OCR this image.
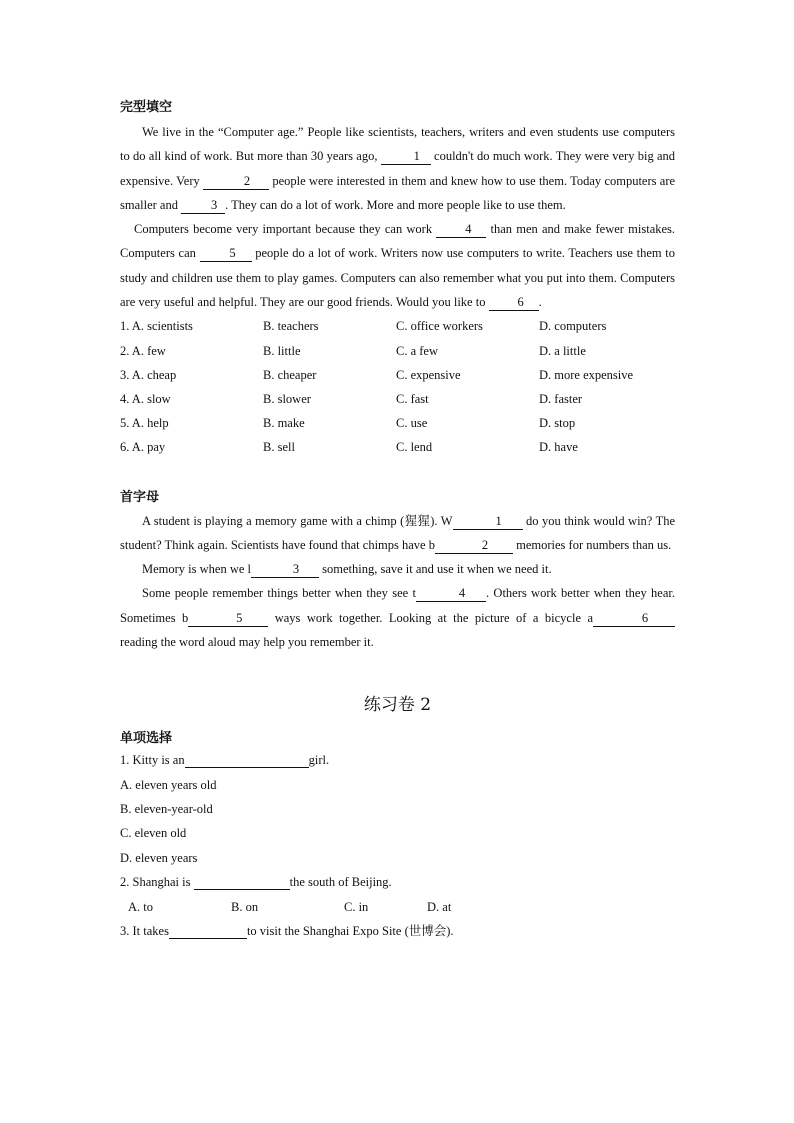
完型填空

We live in the “Computer age.” People like scientists, teachers, writers and even students use computers to do all kind of work. But more than 30 years ago,	1 couldn't do much work. They were very big and expensive. Very	2 people were interested in them and knew how to use them. Today computers are smaller and	3 . They can do a lot of work. More and more people like to use them.

Computers become very important because they can work	4 than men and make fewer mistakes. Computers can	5 people do a lot of work. Writers now use computers to write. Teachers use them to study and children use them to play games. Computers can also remember what you put into them. Computers are very useful and helpful. They are our good friends. Would you like to	6 .

1. A. scientists	B. teachers	C. office workers	D. computers
2. A. few	B. little	C. a few	D. a little
3. A. cheap	B. cheaper	C. expensive	D. more expensive
4. A. slow	B. slower	C. fast	D. faster
5. A. help	B. make	C. use	D. stop
6. A. pay	B. sell	C. lend	D. have

首字母

A student is playing a memory game with a chimp (猩猩). W	1 do you think would win? The student? Think again. Scientists have found that chimps have b	2 memories for numbers than us.

Memory is when we l	3 something, save it and use it when we need it.

Some people remember things better when they see t	4 . Others work better when they hear. Sometimes b	5	ways work together. Looking at the picture of a bicycle a	6 reading the word aloud may help you remember it.

练习卷 2

单项选择

1. Kitty is an	girl.
A. eleven years old
B. eleven-year-old
C. eleven old
D. eleven years
2. Shanghai is	the south of Beijing.
A. to	B. on	C. in	D. at
3. It takes	to visit the Shanghai Expo Site (世博会).
